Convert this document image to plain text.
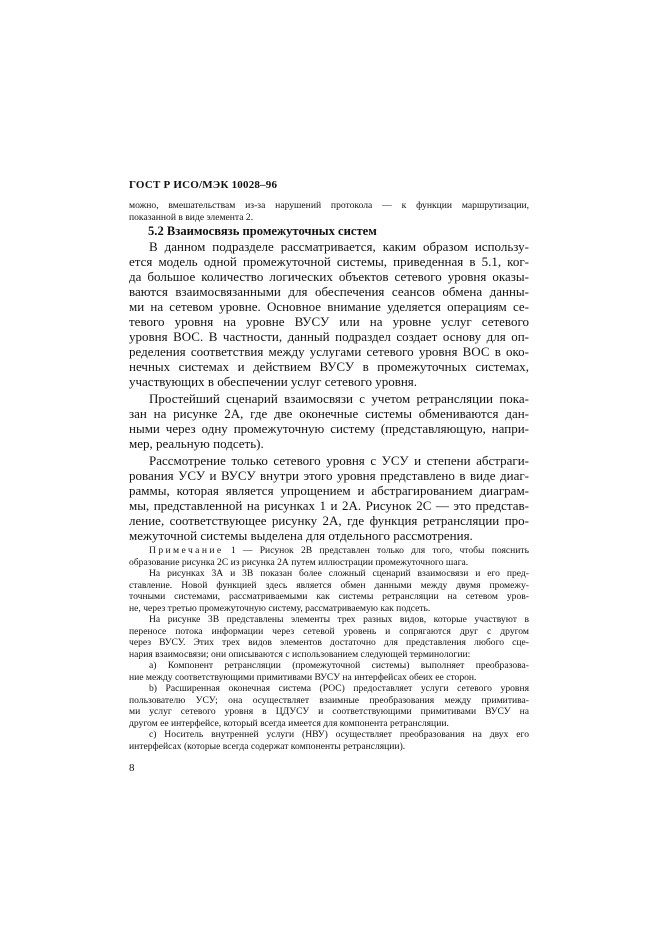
ГОСТ Р ИСО/МЭК 10028–96
можно, вмешательствам из-за нарушений протокола — к функции маршрутизации,
показанной в виде элемента 2.
5.2 Взаимосвязь промежуточных систем
В данном подразделе рассматривается, каким образом использу-
ется модель одной промежуточной системы, приведенная в 5.1, ког-
да большое количество логических объектов сетевого уровня оказы-
ваются взаимосвязанными для обеспечения сеансов обмена данны-
ми на сетевом уровне. Основное внимание уделяется операциям се-
тевого уровня на уровне ВУСУ или на уровне услуг сетевого
уровня ВОС. В частности, данный подраздел создает основу для оп-
ределения соответствия между услугами сетевого уровня ВОС в око-
нечных системах и действием ВУСУ в промежуточных системах,
участвующих в обеспечении услуг сетевого уровня.
Простейший сценарий взаимосвязи с учетом ретрансляции пока-
зан на рисунке 2А, где две оконечные системы обмениваются дан-
ными через одну промежуточную систему (представляющую, напри-
мер, реальную подсеть).
Рассмотрение только сетевого уровня с УСУ и степени абстраги-
рования УСУ и ВУСУ внутри этого уровня представлено в виде диаг-
раммы, которая является упрощением и абстрагированием диаграм-
мы, представленной на рисунках 1 и 2А. Рисунок 2С — это представ-
ление, соответствующее рисунку 2А, где функция ретрансляции про-
межуточной системы выделена для отдельного рассмотрения.
Примечание 1 — Рисунок 2В представлен только для того, чтобы пояснить
образование рисунка 2С из рисунка 2А путем иллюстрации промежуточного шага.
На рисунках 3А и 3В показан более сложный сценарий взаимосвязи и его пред-
ставление. Новой функцией здесь является обмен данными между двумя промежу-
точными системами, рассматриваемыми как системы ретрансляции на сетевом уров-
не, через третью промежуточную систему, рассматриваемую как подсеть.
На рисунке 3В представлены элементы трех разных видов, которые участвуют в
переносе потока информации через сетевой уровень и сопрягаются друг с другом
через ВУСУ. Этих трех видов элементов достаточно для представления любого сце-
нария взаимосвязи; они описываются с использованием следующей терминологии:
а) Компонент ретрансляции (промежуточной системы) выполняет преобразова-
ние между соответствующими примитивами ВУСУ на интерфейсах обеих ее сторон.
b) Расширенная оконечная система (РОС) предоставляет услуги сетевого уровня
пользователю УСУ; она осуществляет взаимные преобразования между примитива-
ми услуг сетевого уровня в ЦДУСУ и соответствующими примитивами ВУСУ на
другом ее интерфейсе, который всегда имеется для компонента ретрансляции.
с) Носитель внутренней услуги (НВУ) осуществляет преобразования на двух его
интерфейсах (которые всегда содержат компоненты ретрансляции).
8
